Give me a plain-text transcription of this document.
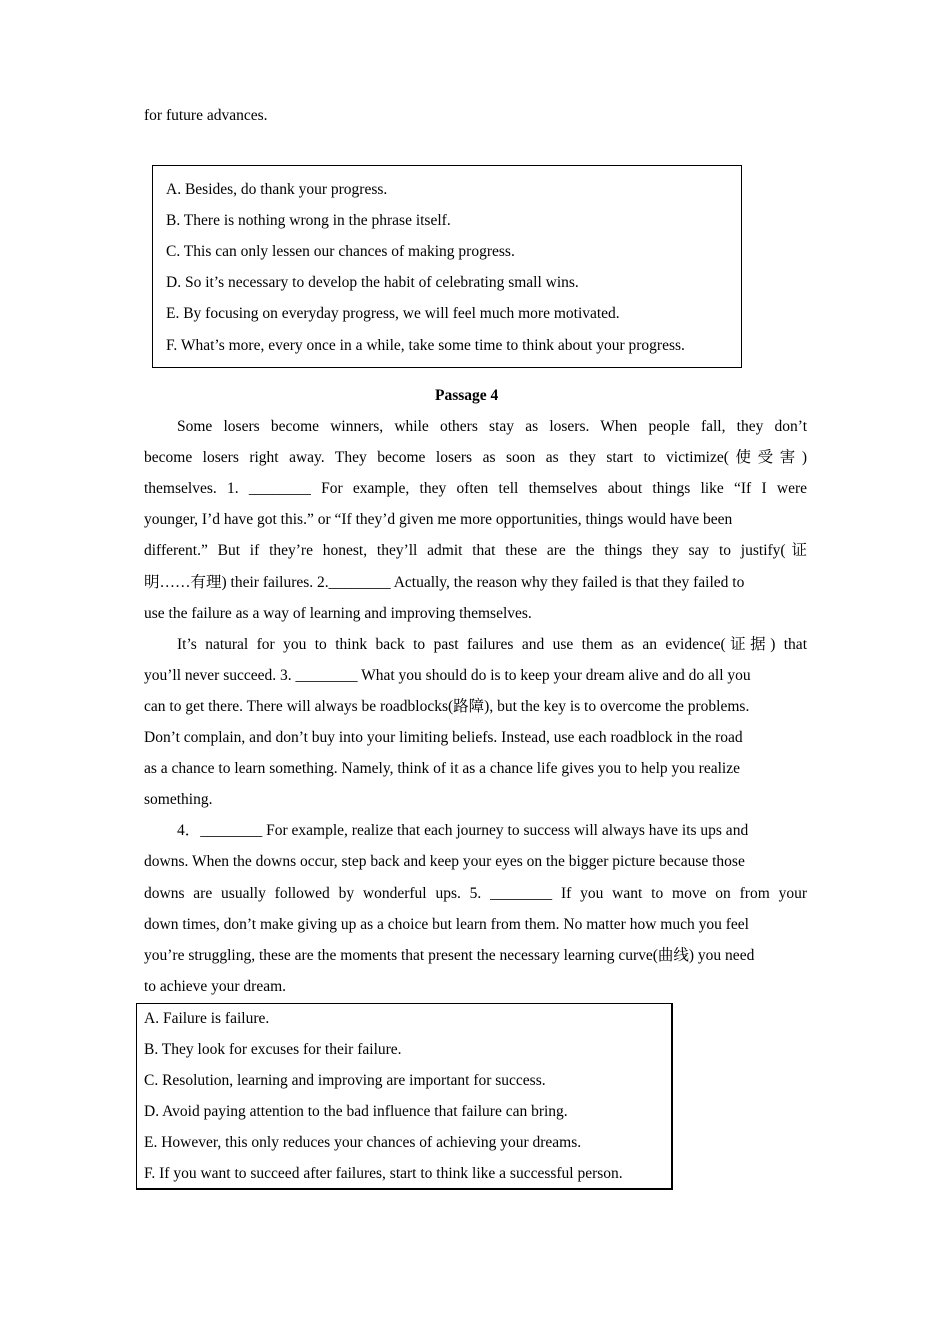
for future advances.
A. Besides, do thank your progress.
B. There is nothing wrong in the phrase itself.
C. This can only lessen our chances of making progress.
D. So it’s necessary to develop the habit of celebrating small wins.
E. By focusing on everyday progress, we will feel much more motivated.
F. What’s more, every once in a while, take some time to think about your progress.
Passage 4
Some losers become winners, while others stay as losers. When people fall, they don’t
become losers right away. They become losers as soon as they start to victimize(使受害)
themselves. 1. ________ For example, they often tell themselves about things like “If I were
younger, I’d have got this.” or “If they’d given me more opportunities, things would have been
different.” But if they’re honest, they’ll admit that these are the things they say to justify(证
明……有理) their failures. 2.________ Actually, the reason why they failed is that they failed to
use the failure as a way of learning and improving themselves.
It’s natural for you to think back to past failures and use them as an evidence(证据) that
you’ll never succeed. 3. ________ What you should do is to keep your dream alive and do all you
can to get there. There will always be roadblocks(路障), but the key is to overcome the problems.
Don’t complain, and don’t buy into your limiting beliefs. Instead, use each roadblock in the road
as a chance to learn something. Namely, think of it as a chance life gives you to help you realize
something.
4．________ For example, realize that each journey to success will always have its ups and
downs. When the downs occur, step back and keep your eyes on the bigger picture because those
downs are usually followed by wonderful ups. 5. ________ If you want to move on from your
down times, don’t make giving up as a choice but learn from them. No matter how much you feel
you’re struggling, these are the moments that present the necessary learning curve(曲线) you need
to achieve your dream.
A. Failure is failure.
B. They look for excuses for their failure.
C. Resolution, learning and improving are important for success.
D. Avoid paying attention to the bad influence that failure can bring.
E. However, this only reduces your chances of achieving your dreams.
F. If you want to succeed after failures, start to think like a successful person.
